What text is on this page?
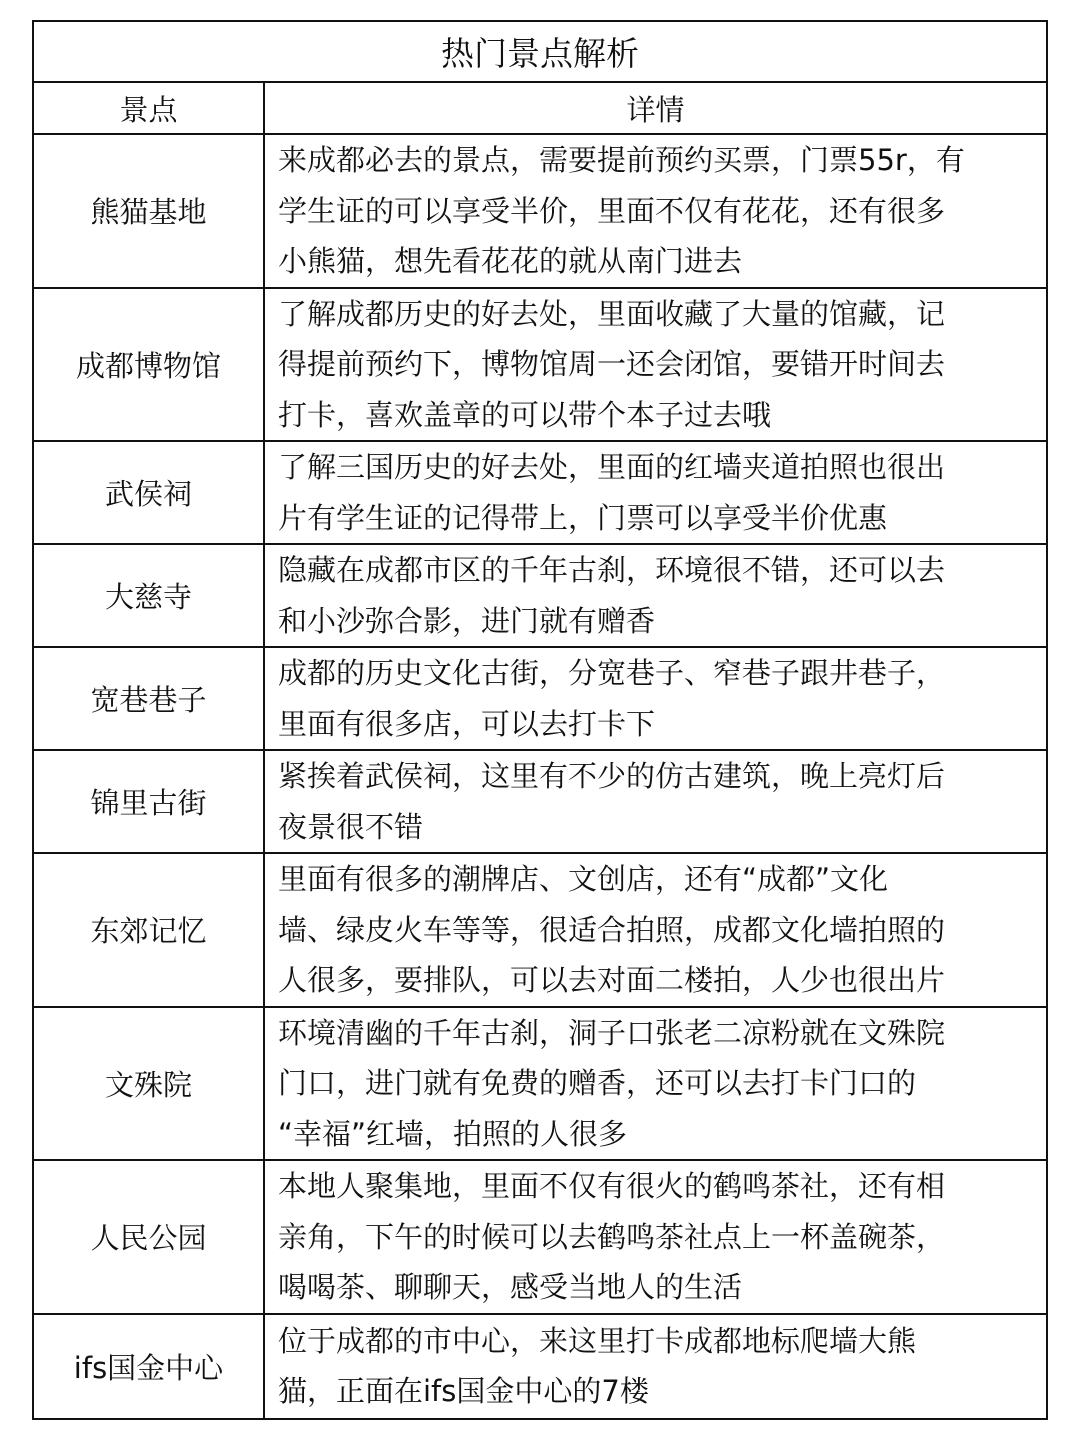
热门景点解析	
景点	详情
熊猫基地	来成都必去的景点，需要提前预约买票，门票55r，有
学生证的可以享受半价，里面不仅有花花，还有很多
小熊猫，想先看花花的就从南门进去

成都博物馆	了解成都历史的好去处，里面收藏了大量的馆藏，记
得提前预约下，博物馆周一还会闭馆，要错开时间去
打卡，喜欢盖章的可以带个本子过去哦

武侯祠	了解三国历史的好去处，里面的红墙夹道拍照也很出
片有学生证的记得带上，门票可以享受半价优惠

大慈寺	隐藏在成都市区的千年古刹，环境很不错，还可以去
和小沙弥合影，进门就有赠香

宽巷巷子	成都的历史文化古街，分宽巷子、窄巷子跟井巷子，
里面有很多店，可以去打卡下

锦里古街	紧挨着武侯祠，这里有不少的仿古建筑，晚上亮灯后
夜景很不错

东郊记忆	里面有很多的潮牌店、文创店，还有“成都”文化
墙、绿皮火车等等，很适合拍照，成都文化墙拍照的
人很多，要排队，可以去对面二楼拍，人少也很出片

文殊院	环境清幽的千年古刹，洞子口张老二凉粉就在文殊院
门口，进门就有免费的赠香，还可以去打卡门口的
“幸福”红墙，拍照的人很多

人民公园	本地人聚集地，里面不仅有很火的鹤鸣茶社，还有相
亲角，下午的时候可以去鹤鸣茶社点上一杯盖碗茶，
喝喝茶、聊聊天，感受当地人的生活

ifs国金中心	位于成都的市中心，来这里打卡成都地标爬墙大熊
猫，正面在ifs国金中心的7楼
